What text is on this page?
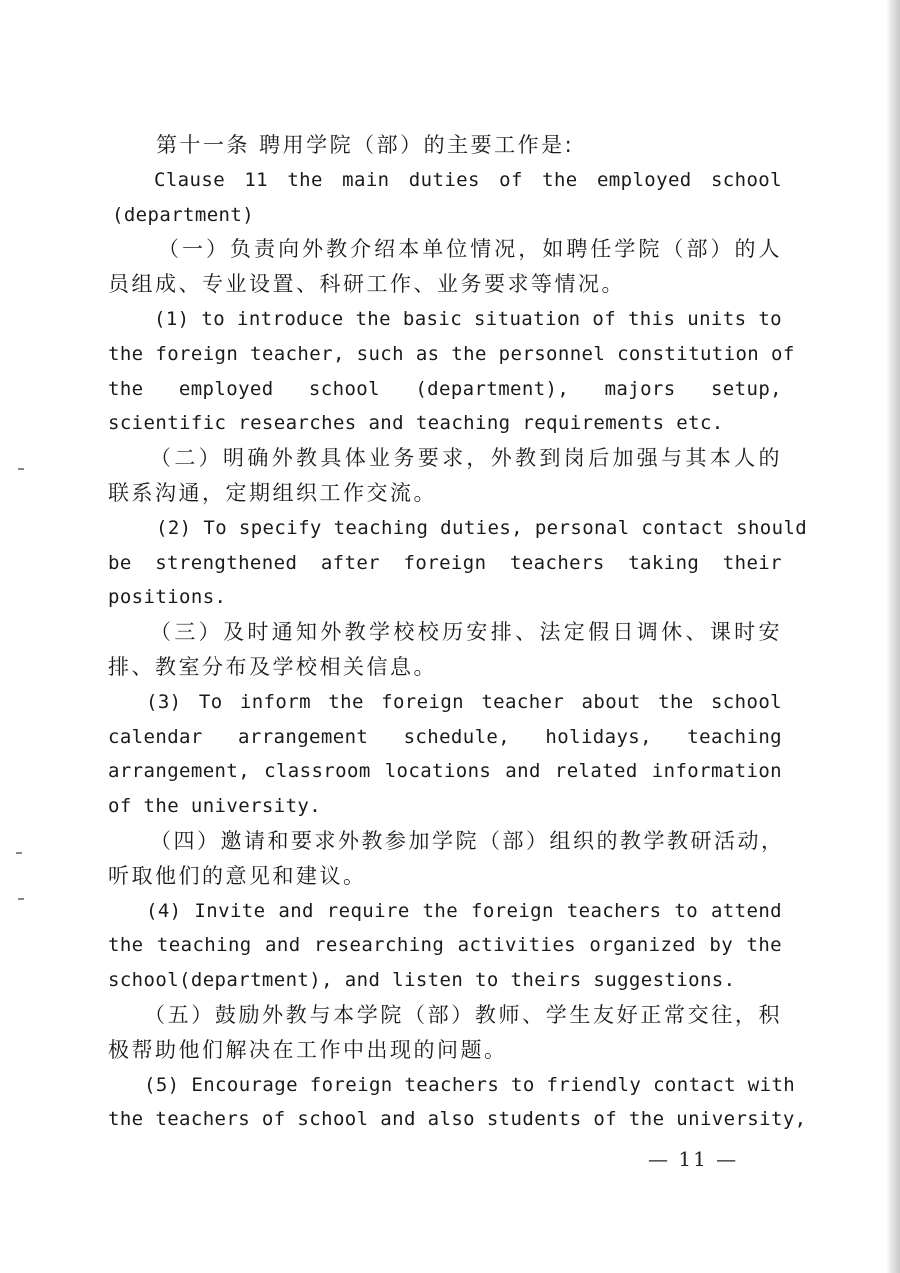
第十一条 聘用学院（部）的主要工作是:
Clause 11 the main duties of the employed school
(department)
（一）负责向外教介绍本单位情况，如聘任学院（部）的人
员组成、专业设置、科研工作、业务要求等情况。
(1) to introduce the basic situation of this units to
the foreign teacher, such as the personnel constitution of
the employed school (department), majors setup,
scientific researches and teaching requirements etc.
（二）明确外教具体业务要求，外教到岗后加强与其本人的
联系沟通，定期组织工作交流。
(2) To specify teaching duties, personal contact should
be strengthened after foreign teachers taking their
positions.
（三）及时通知外教学校校历安排、法定假日调休、课时安
排、教室分布及学校相关信息。
(3) To inform the foreign teacher about the school
calendar arrangement schedule, holidays, teaching
arrangement, classroom locations and related information
of the university.
（四）邀请和要求外教参加学院（部）组织的教学教研活动，
听取他们的意见和建议。
(4) Invite and require the foreign teachers to attend
the teaching and researching activities organized by the
school(department), and listen to theirs suggestions.
（五）鼓励外教与本学院（部）教师、学生友好正常交往，积
极帮助他们解决在工作中出现的问题。
(5) Encourage foreign teachers to friendly contact with
the teachers of school and also students of the university,
— 11 —
